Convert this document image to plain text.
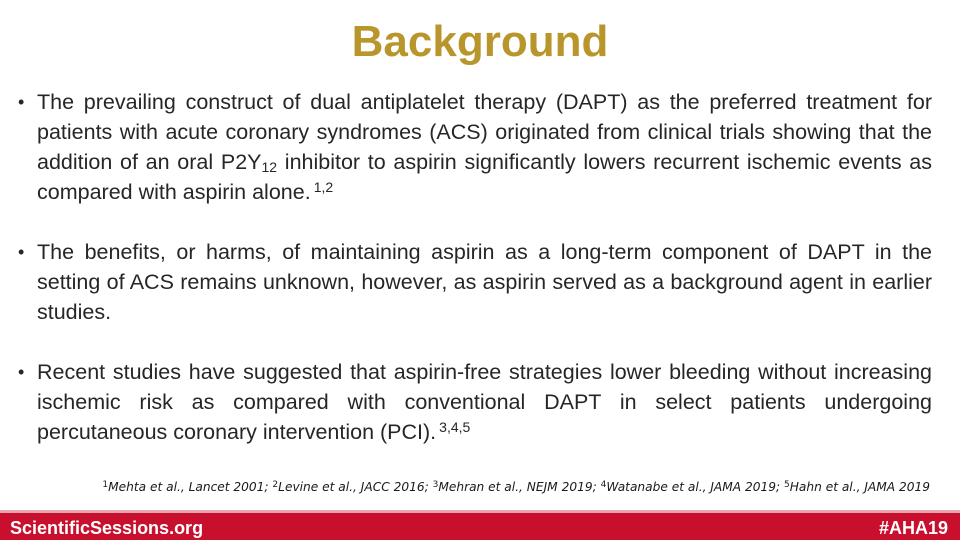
Background
• The prevailing construct of dual antiplatelet therapy (DAPT) as the preferred treatment for patients with acute coronary syndromes (ACS) originated from clinical trials showing that the addition of an oral $P2Y_{12}$ inhibitor to aspirin significantly lowers recurrent ischemic events as compared with aspirin alone. $^{1,2}$
• The benefits, or harms, of maintaining aspirin as a long-term component of DAPT in the setting of ACS remains unknown, however, as aspirin served as a background agent in earlier studies.
• Recent studies have suggested that aspirin-free strategies lower bleeding without increasing ischemic risk as compared with conventional DAPT in select patients undergoing percutaneous coronary intervention (PCI). $^{3,4,5}$
$^1$Mehta et al., Lancet 2001; $^2$Levine et al., JACC 2016; $^3$Mehran et al., NEJM 2019; $^4$Watanabe et al., JAMA 2019; $^5$Hahn et al., JAMA 2019
ScientificSessions.org	#AHA19
